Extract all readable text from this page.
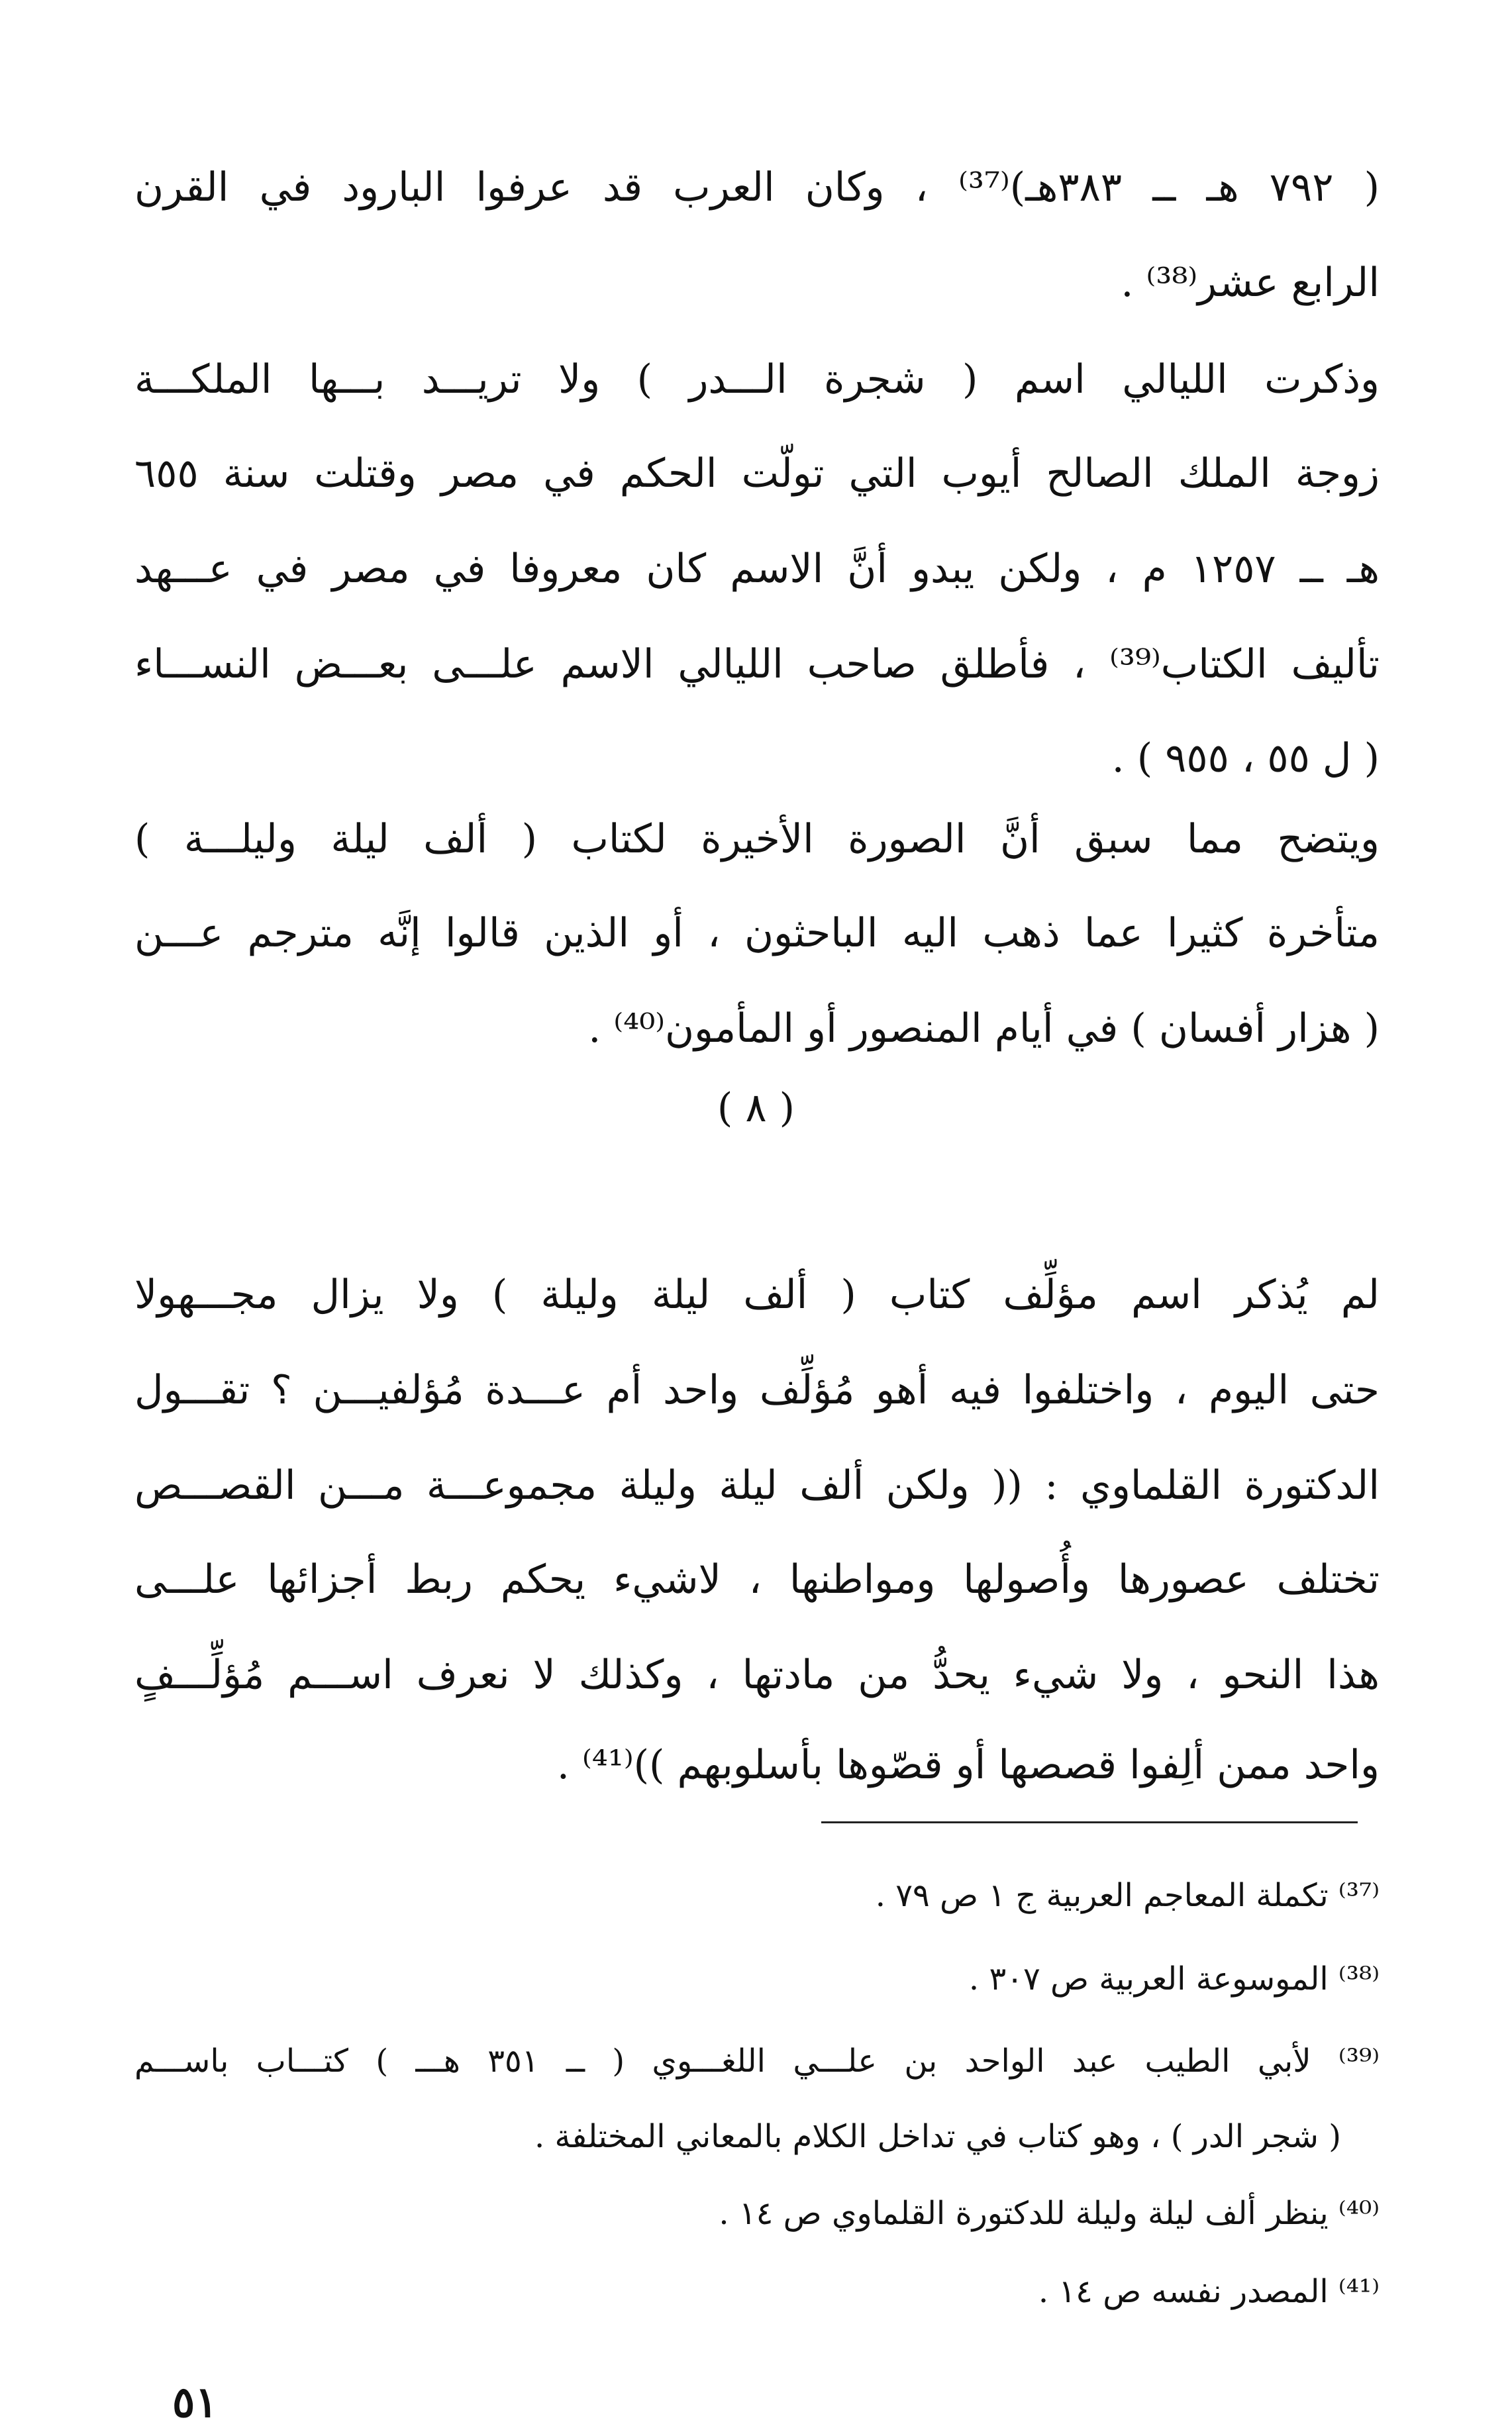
( ٧٩٢ هـ ــ ٣٨٣هـ)⁽³⁷⁾ ، وكان العرب قد عرفوا البارود في القرن
الرابع عشر⁽³⁸⁾ .
وذكرت الليالي اسم ( شجرة الـــدر ) ولا تريـــد بـــها الملكـــة
زوجة الملك الصالح أيوب التي تولّت الحكم في مصر وقتلت سنة ٦٥٥
هـ ــ ١٢٥٧ م ، ولكن يبدو أنَّ الاسم كان معروفا في مصر في عـــهد
تأليف الكتاب⁽³⁹⁾ ، فأطلق صاحب الليالي الاسم علـــى بعـــض النســـاء
( ل ٥٥ ، ٩٥٥ ) .
ويتضح مما سبق أنَّ الصورة الأخيرة لكتاب ( ألف ليلة وليلـــة )
متأخرة كثيرا عما ذهب اليه الباحثون ، أو الذين قالوا إنَّه مترجم عـــن
( هزار أفسان ) في أيام المنصور أو المأمون⁽⁴⁰⁾ .
( ٨ )
لم يُذكر اسم مؤلِّف كتاب ( ألف ليلة وليلة ) ولا يزال مجـــهولا
حتى اليوم ، واختلفوا فيه أهو مُؤلِّف واحد أم عـــدة مُؤلفيـــن ؟ تقـــول
الدكتورة القلماوي : (( ولكن ألف ليلة وليلة مجموعـــة مـــن القصـــص
تختلف عصورها وأُصولها ومواطنها ، لاشيء يحكم ربط أجزائها علـــى
هذا النحو ، ولا شيء يحدُّ من مادتها ، وكذلك لا نعرف اســـم مُؤلِّـــفٍ
واحد ممن ألِفوا قصصها أو قصّوها بأسلوبهم ))⁽⁴¹⁾ .
⁽³⁷⁾ تكملة المعاجم العربية ج ١ ص ٧٩ .
⁽³⁸⁾ الموسوعة العربية ص ٣٠٧ .
⁽³⁹⁾ لأبي الطيب عبد الواحد بن علـــي اللغـــوي ( ــ ٣٥١ هـــ ) كتـــاب باســـم
( شجر الدر ) ، وهو كتاب في تداخل الكلام بالمعاني المختلفة .
⁽⁴⁰⁾ ينظر ألف ليلة وليلة للدكتورة القلماوي ص ١٤ .
⁽⁴¹⁾ المصدر نفسه ص ١٤ .
٥١
